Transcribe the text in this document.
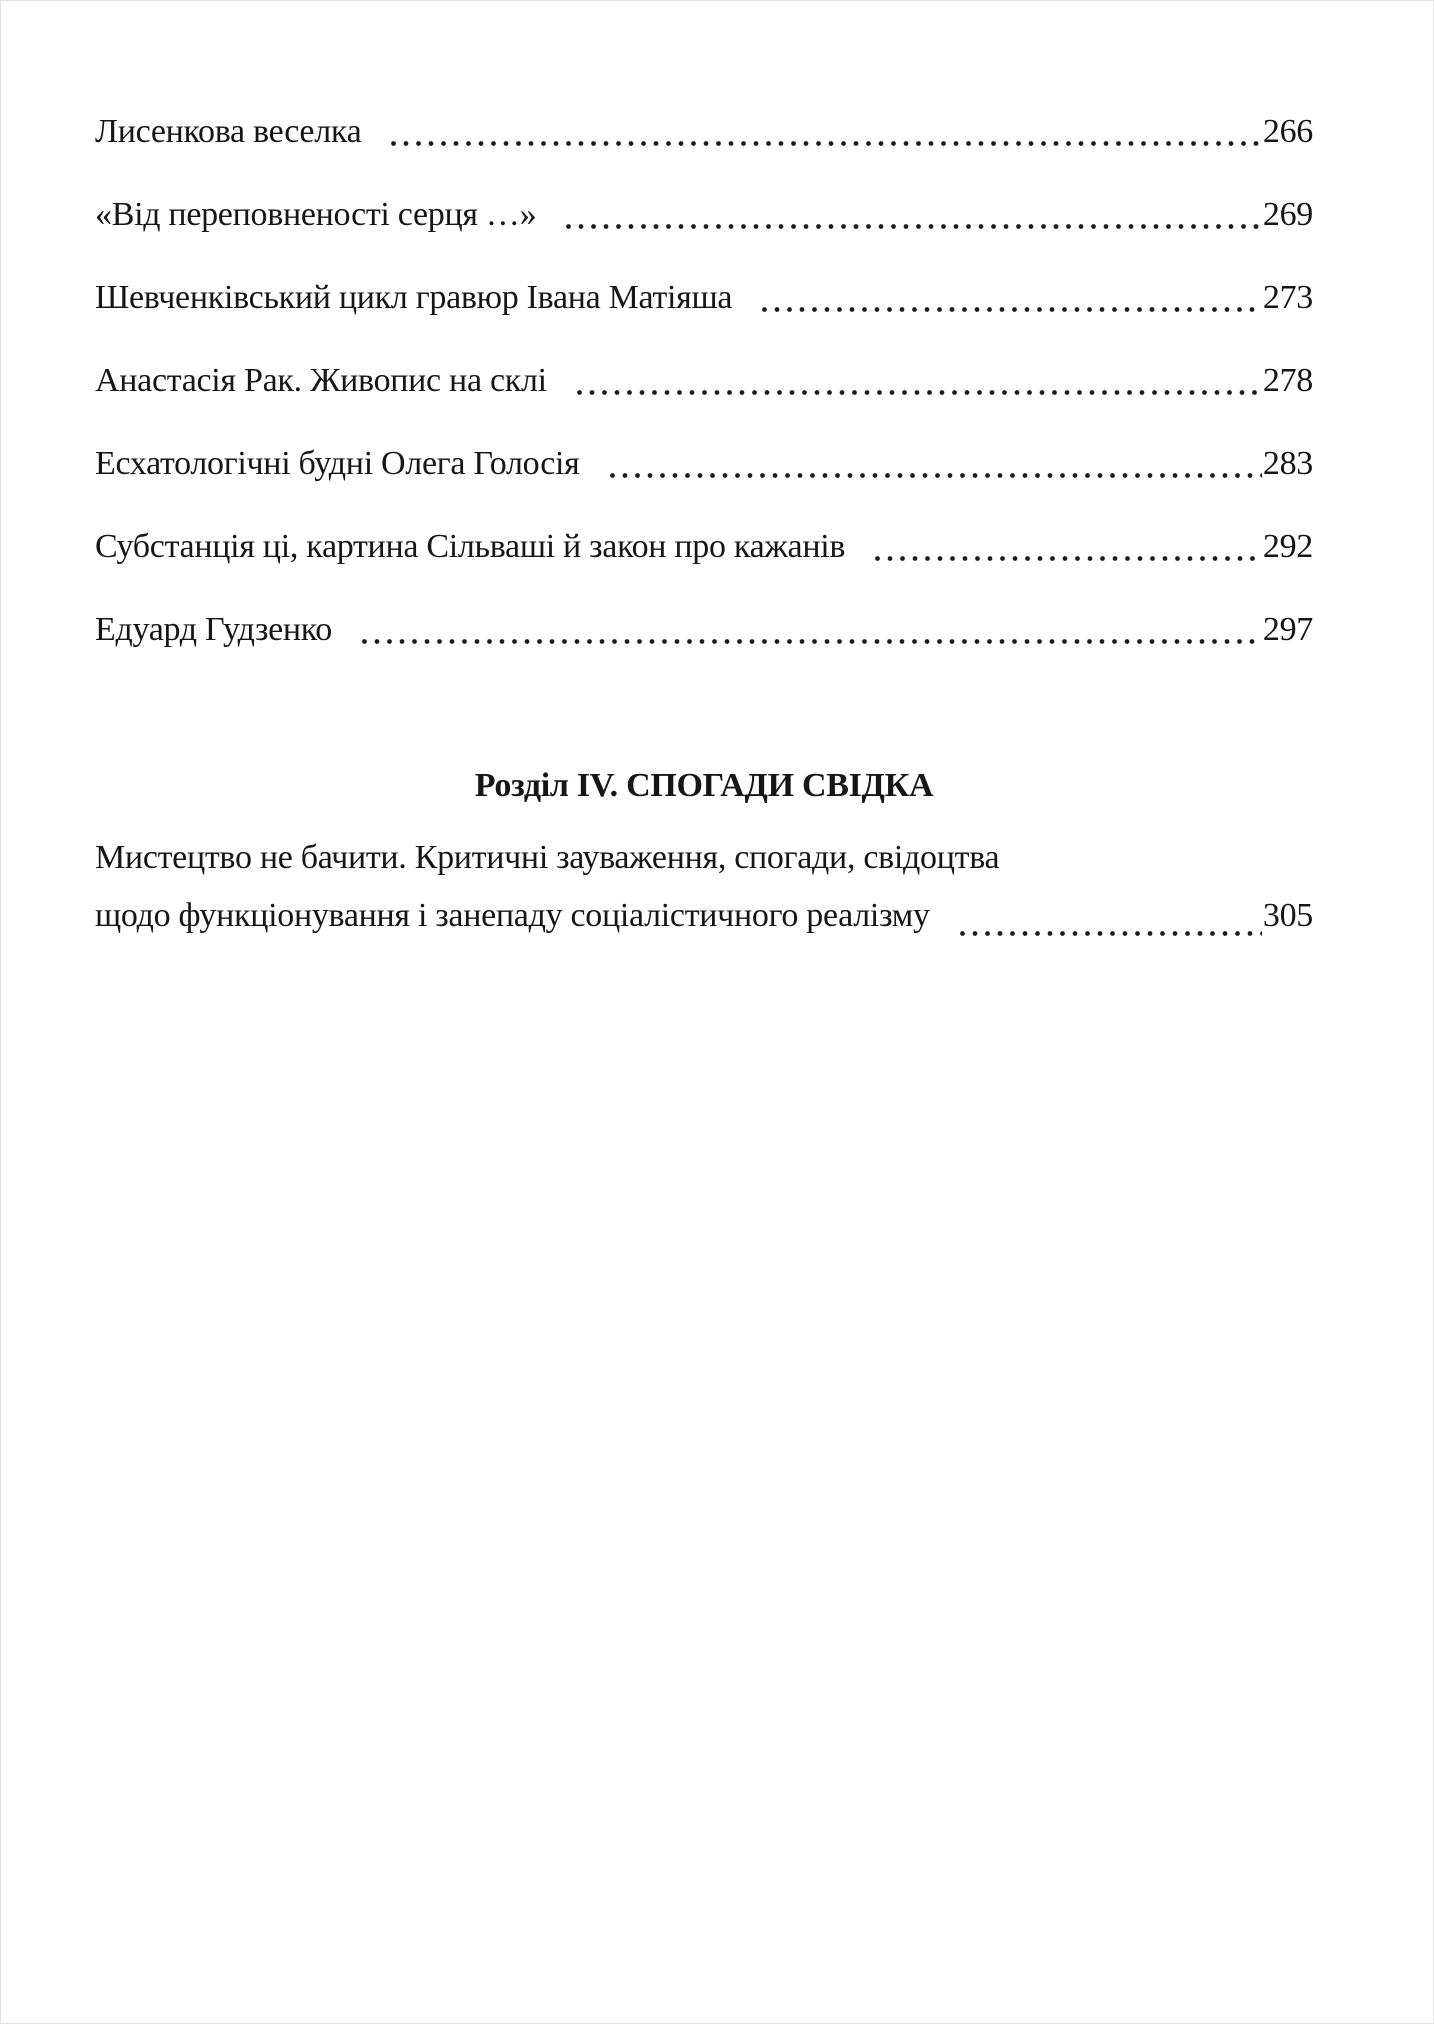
Лисенкова веселка	266
«Від переповненості серця …»	269
Шевченківський цикл гравюр Івана Матіяша	273
Анастасія Рак. Живопис на склі	278
Есхатологічні будні Олега Голосія	283
Субстанція ці, картина Сільваші й закон про кажанів	292
Едуард Гудзенко	297
Розділ IV. СПОГАДИ СВІДКА
Мистецтво не бачити. Критичні зауваження, спогади, свідоцтва
щодо функціонування і занепаду соціалістичного реалізму	305
